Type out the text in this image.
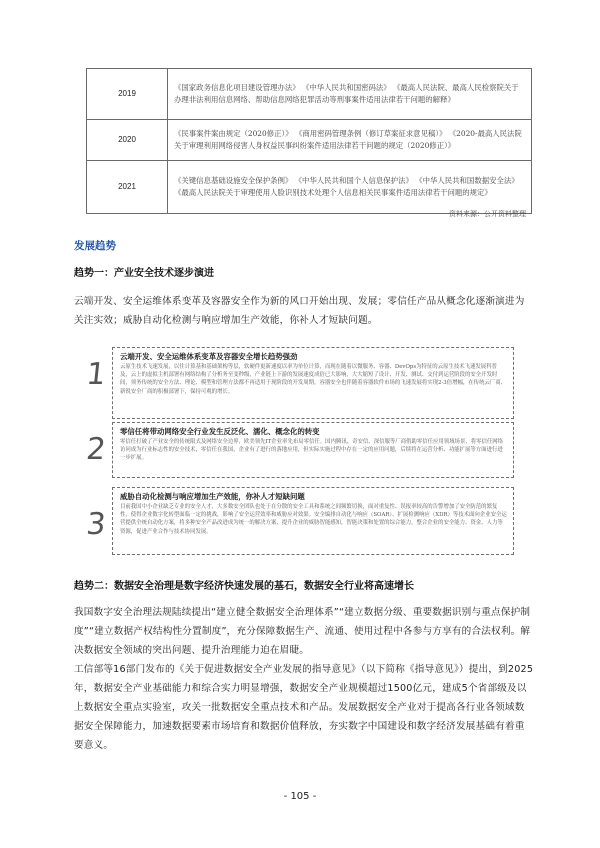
2019	《国家政务信息化项目建设管理办法》 《中华人民共和国密码法》 《最高人民法院、最高人民检察院关于办理非法利用信息网络、帮助信息网络犯罪活动等刑事案件适用法律若干问题的解释》
2020	《民事案件案由规定（2020修正）》 《商用密码管理条例（修订草案征求意见稿）》 《2020-最高人民法院关于审理利用网络侵害人身权益民事纠纷案件适用法律若干问题的规定（2020修正）》
2021	《关键信息基础设施安全保护条例》 《中华人民共和国个人信息保护法》 《中华人民共和国数据安全法》 《最高人民法院关于审理使用人脸识别技术处理个人信息相关民事案件适用法律若干问题的规定》
资料来源：公开资料整理
发展趋势
趋势一：产业安全技术逐步演进
云端开发、安全运维体系变革及容器安全作为新的风口开始出现、发展；零信任产品从概念化逐渐演进为关注实效；威胁自动化检测与响应增加生产效能，你补人才短缺问题。
1
云端开发、安全运维体系变革及容器安全增长趋势强劲
云原生技术飞速发展，以往计算基和基础架构等层，软硬件更新速度以率为单位计算，而现在随着以微服务、容器、DevOps为特征的云原生技术飞速发展科普及，云上的虚拟主机部署有网络结构了分析务至变秒级，产业链上下游的发展速度成倍已大影响，大大缩短了设计、开发、测试、交付到运营阶段的安全开发时间，须务传统的安全方法、理论、模型和管理方法都不再适用于现阶段的开发周期。容器安全也伴随着容器软件市场的飞速发展将实现2-3倍增幅，在传统云厂商、新锐安全厂商的积极部署下，保持可观的增长。
2
零信任将带动网络安全行业发生反泛化、濡化、概念化的转变
零信任打破了产业安全的传统限式及网络安全边界，欧美领先IT企业率先布局零信任。国内腾讯、奇安信、深信服等厂商借助零信任应用领域场景，将零信任网络访问成为行业标志性的安全技术，零信任在我国，企业有了进行的落地应用，但实际实施过程中存在一定的应用问题，后续将在运营分析、功能扩展等方面进行进一步扩展。
3
威胁自动化检测与响应增加生产效能，你补人才短缺问题
目前我国中小企业缺乏专业的安全人才，大多数安全团队也处于在分散的安全工具和系统之间频繁切换，面对重复性、误报率较高的告警增加了安全防范的繁复性，使得企业数字化转型面临一定的挑战，影响了安全运营效率和威胁应对效果。安全编排自动化与响应（SOAR）、扩展检测响应（XDR）等技术面向企业安全运营提供全统自动化方案，将多种安全产品改进成为统一的解决方案，提升企业的威胁智能感知，智能决策和处置的综合能力，整合企业的安全能力、资金、人力等资源，促进产业合作与技术协同发展。
趋势二：数据安全治理是数字经济快速发展的基石，数据安全行业将高速增长
我国数字安全治理法规陆续提出“建立健全数据安全治理体系”“建立数据分级、重要数据识别与重点保护制度”“建立数据产权结构性分置制度”，充分保障数据生产、流通、使用过程中各参与方享有的合法权利。解决数据安全领域的突出问题、提升治理能力迫在眉睫。
工信部等16部门发布的《关于促进数据安全产业发展的指导意见》（以下简称《指导意见》）提出，到2025年，数据安全产业基础能力和综合实力明显增强，数据安全产业规模超过1500亿元，建成5个省部级及以上数据安全重点实验室，攻关一批数据安全重点技术和产品。发展数据安全产业对于提高各行业各领域数据安全保障能力，加速数据要素市场培育和数据价值释放，夯实数字中国建设和数字经济发展基础有着重要意义。
- 105 -
